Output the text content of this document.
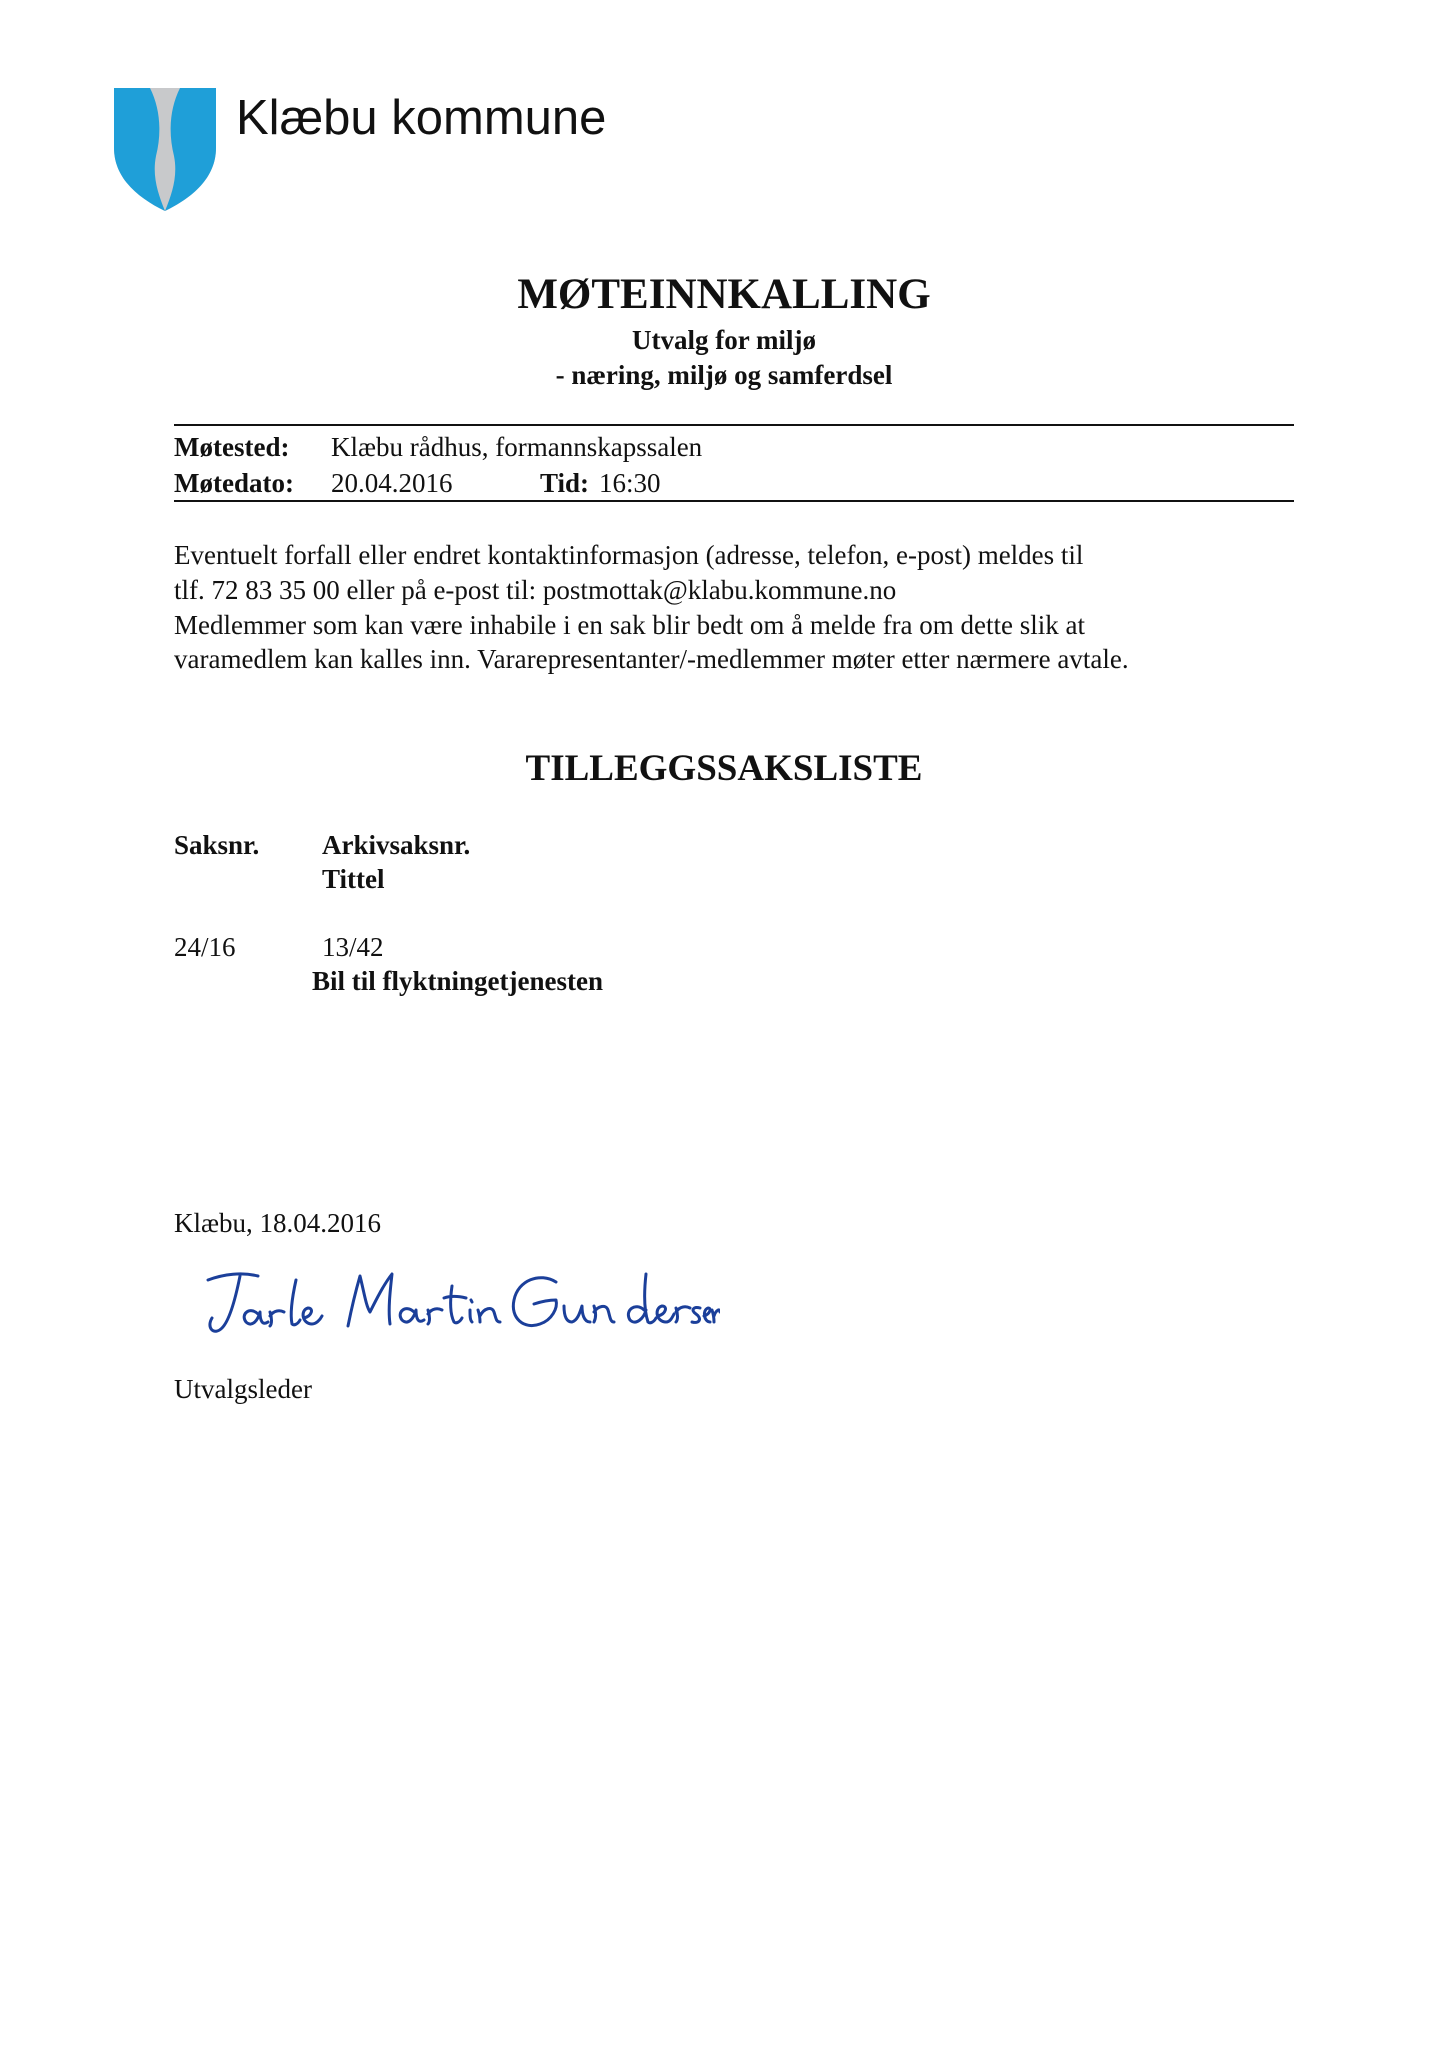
Klæbu kommune
MØTEINNKALLING
Utvalg for miljø
- næring, miljø og samferdsel
Møtested: Klæbu rådhus, formannskapssalen
Møtedato: 20.04.2016	Tid: 16:30
Eventuelt forfall eller endret kontaktinformasjon (adresse, telefon, e-post) meldes til
tlf. 72 83 35 00 eller på e-post til: postmottak@klabu.kommune.no
Medlemmer som kan være inhabile i en sak blir bedt om å melde fra om dette slik at
varamedlem kan kalles inn. Vararepresentanter/-medlemmer møter etter nærmere avtale.
TILLEGGSSAKSLISTE
Saksnr. Arkivsaksnr.
Tittel
24/16	13/42
Bil til flyktningetjenesten
Klæbu, 18.04.2016
Utvalgsleder
